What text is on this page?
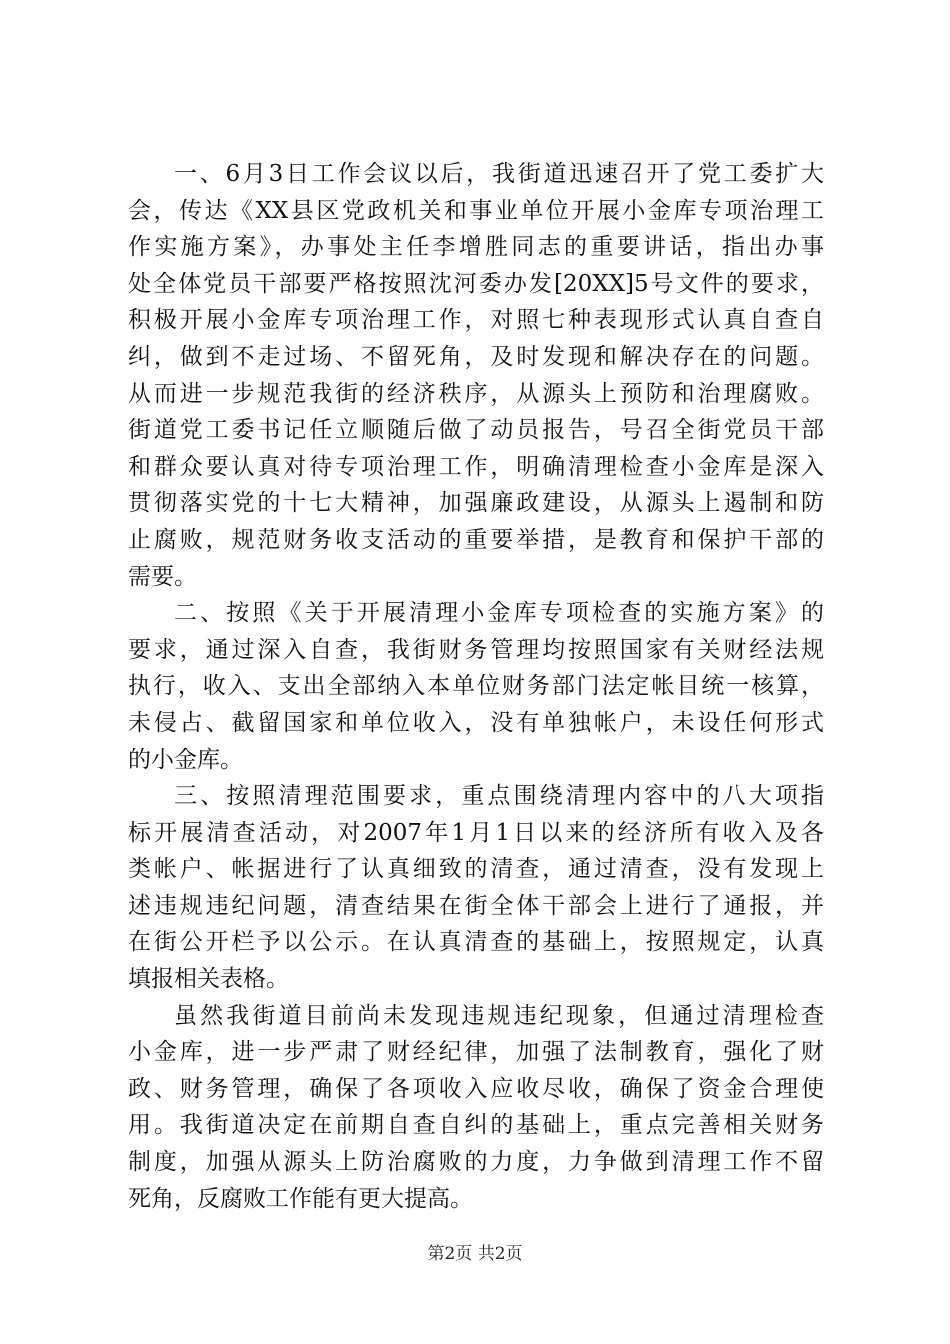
一、6月3日工作会议以后，我街道迅速召开了党工委扩大
会，传达《XX县区党政机关和事业单位开展小金库专项治理工
作实施方案》，办事处主任李增胜同志的重要讲话，指出办事
处全体党员干部要严格按照沈河委办发[20XX]5号文件的要求，
积极开展小金库专项治理工作，对照七种表现形式认真自查自
纠，做到不走过场、不留死角，及时发现和解决存在的问题。
从而进一步规范我街的经济秩序，从源头上预防和治理腐败。
街道党工委书记任立顺随后做了动员报告，号召全街党员干部
和群众要认真对待专项治理工作，明确清理检查小金库是深入
贯彻落实党的十七大精神，加强廉政建设，从源头上遏制和防
止腐败，规范财务收支活动的重要举措，是教育和保护干部的
需要。
二、按照《关于开展清理小金库专项检查的实施方案》的
要求，通过深入自查，我街财务管理均按照国家有关财经法规
执行，收入、支出全部纳入本单位财务部门法定帐目统一核算，
未侵占、截留国家和单位收入，没有单独帐户，未设任何形式
的小金库。
三、按照清理范围要求，重点围绕清理内容中的八大项指
标开展清查活动，对2007年1月1日以来的经济所有收入及各
类帐户、帐据进行了认真细致的清查，通过清查，没有发现上
述违规违纪问题，清查结果在街全体干部会上进行了通报，并
在街公开栏予以公示。在认真清查的基础上，按照规定，认真
填报相关表格。
虽然我街道目前尚未发现违规违纪现象，但通过清理检查
小金库，进一步严肃了财经纪律，加强了法制教育，强化了财
政、财务管理，确保了各项收入应收尽收，确保了资金合理使
用。我街道决定在前期自查自纠的基础上，重点完善相关财务
制度，加强从源头上防治腐败的力度，力争做到清理工作不留
死角，反腐败工作能有更大提高。
第2页 共2页
